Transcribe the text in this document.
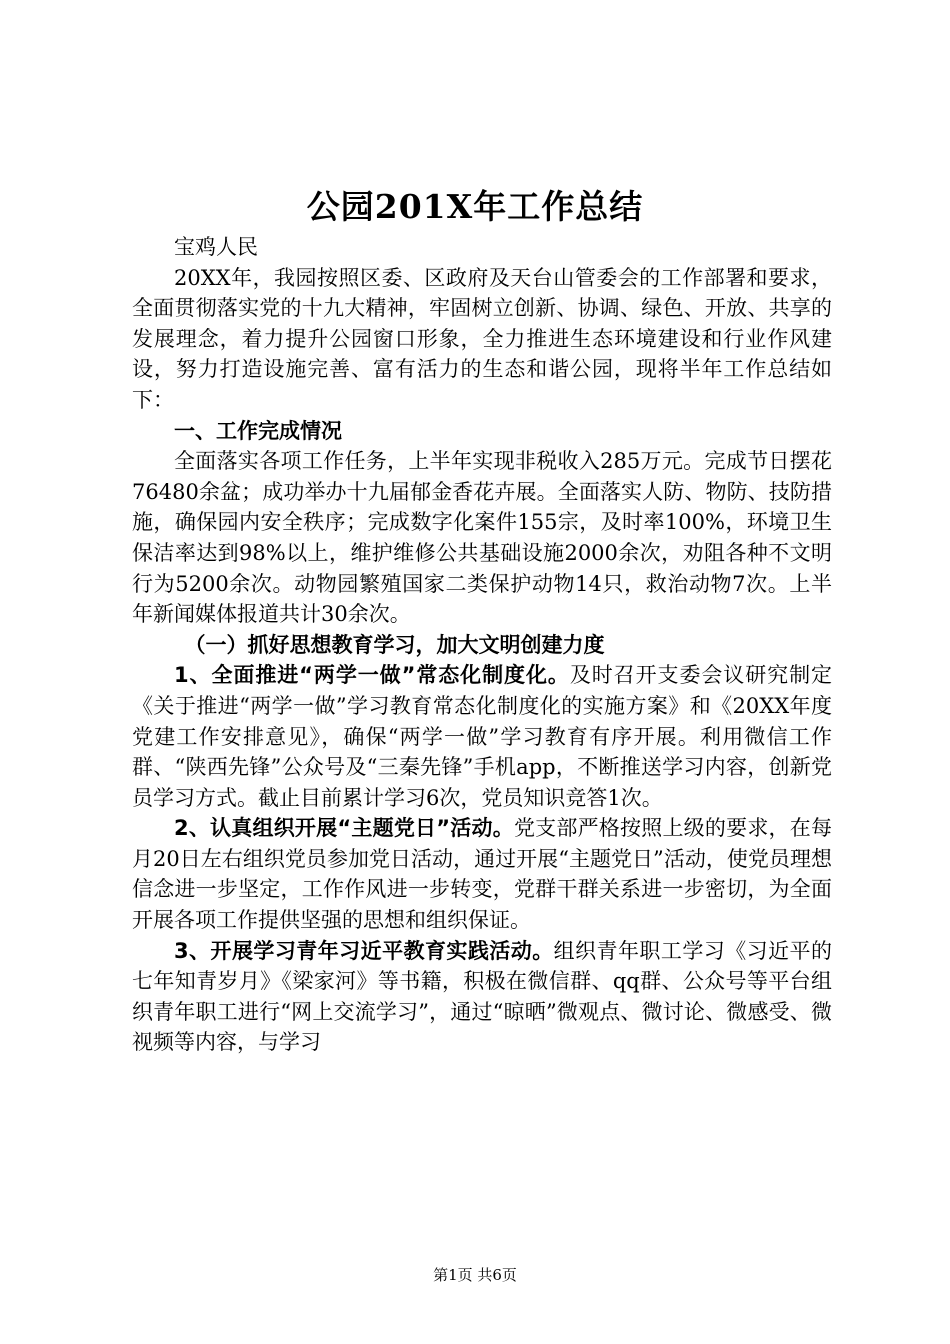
公园201X年工作总结

宝鸡人民

20XX年，我园按照区委、区政府及天台山管委会的工作部署和要求，全面贯彻落实党的十九大精神，牢固树立创新、协调、绿色、开放、共享的发展理念，着力提升公园窗口形象，全力推进生态环境建设和行业作风建设，努力打造设施完善、富有活力的生态和谐公园，现将半年工作总结如下：

一、工作完成情况

全面落实各项工作任务，上半年实现非税收入285万元。完成节日摆花76480余盆；成功举办十九届郁金香花卉展。全面落实人防、物防、技防措施，确保园内安全秩序；完成数字化案件155宗，及时率100%，环境卫生保洁率达到98%以上，维护维修公共基础设施2000余次，劝阻各种不文明行为5200余次。动物园繁殖国家二类保护动物14只，救治动物7次。上半年新闻媒体报道共计30余次。

（一）抓好思想教育学习，加大文明创建力度

1、全面推进“两学一做”常态化制度化。及时召开支委会议研究制定《关于推进“两学一做”学习教育常态化制度化的实施方案》和《20XX年度党建工作安排意见》，确保“两学一做”学习教育有序开展。利用微信工作群、“陕西先锋”公众号及“三秦先锋”手机app，不断推送学习内容，创新党员学习方式。截止目前累计学习6次，党员知识竞答1次。

2、认真组织开展“主题党日”活动。党支部严格按照上级的要求，在每月20日左右组织党员参加党日活动，通过开展“主题党日”活动，使党员理想信念进一步坚定，工作作风进一步转变，党群干群关系进一步密切，为全面开展各项工作提供坚强的思想和组织保证。

3、开展学习青年习近平教育实践活动。组织青年职工学习《习近平的七年知青岁月》《梁家河》等书籍，积极在微信群、qq群、公众号等平台组织青年职工进行“网上交流学习”，通过“晾晒”微观点、微讨论、微感受、微视频等内容，与学习

第1页 共6页
